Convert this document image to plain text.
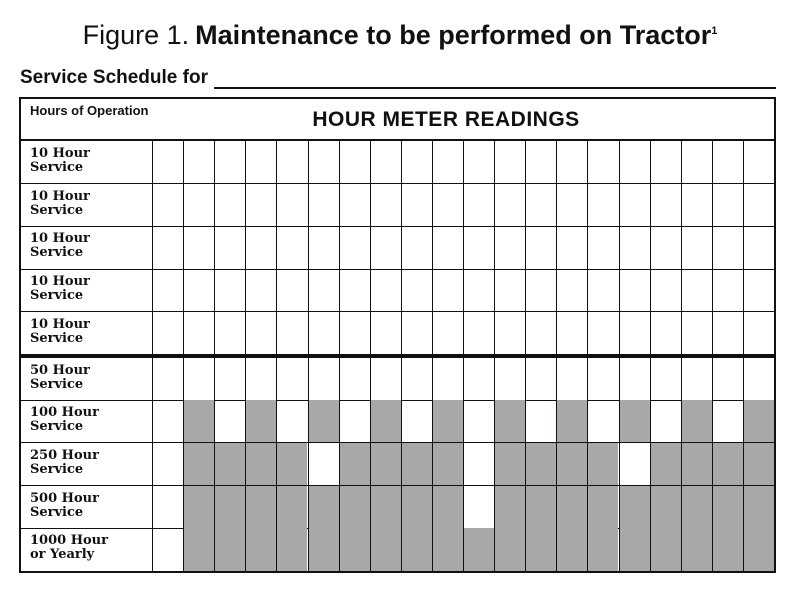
Figure 1. Maintenance to be performed on Tractor$^1$
Service Schedule for
Hours of Operation	HOUR METER READINGS
10 Hour
Service
10 Hour
Service
10 Hour
Service
10 Hour
Service
10 Hour
Service
50 Hour
Service
100 Hour
Service
250 Hour
Service
500 Hour
Service
1000 Hour
or Yearly
